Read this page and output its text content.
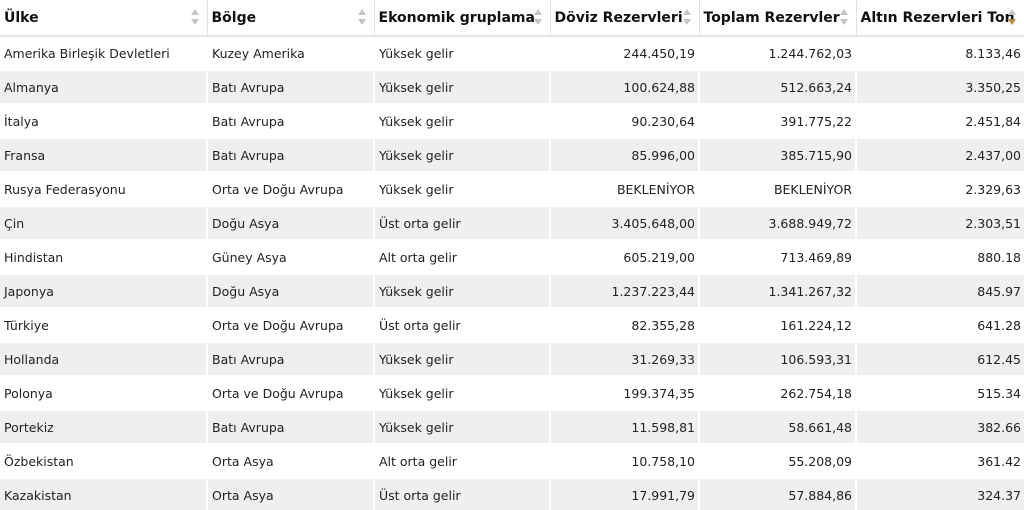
Ülke	Bölge	Ekonomik gruplama	Döviz Rezervleri	Toplam Rezervler	Altın Rezervleri Ton

Amerika Birleşik Devletleri	Kuzey Amerika	Yüksek gelir	244.450,19	1.244.762,03	8.133,46
Almanya	Batı Avrupa	Yüksek gelir	100.624,88	512.663,24	3.350,25
İtalya	Batı Avrupa	Yüksek gelir	90.230,64	391.775,22	2.451,84
Fransa	Batı Avrupa	Yüksek gelir	85.996,00	385.715,90	2.437,00
Rusya Federasyonu	Orta ve Doğu Avrupa	Yüksek gelir	BEKLENİYOR	BEKLENİYOR	2.329,63
Çin	Doğu Asya	Üst orta gelir	3.405.648,00	3.688.949,72	2.303,51
Hindistan	Güney Asya	Alt orta gelir	605.219,00	713.469,89	880.18
Japonya	Doğu Asya	Yüksek gelir	1.237.223,44	1.341.267,32	845.97
Türkiye	Orta ve Doğu Avrupa	Üst orta gelir	82.355,28	161.224,12	641.28
Hollanda	Batı Avrupa	Yüksek gelir	31.269,33	106.593,31	612.45
Polonya	Orta ve Doğu Avrupa	Yüksek gelir	199.374,35	262.754,18	515.34
Portekiz	Batı Avrupa	Yüksek gelir	11.598,81	58.661,48	382.66
Özbekistan	Orta Asya	Alt orta gelir	10.758,10	55.208,09	361.42
Kazakistan	Orta Asya	Üst orta gelir	17.991,79	57.884,86	324.37
